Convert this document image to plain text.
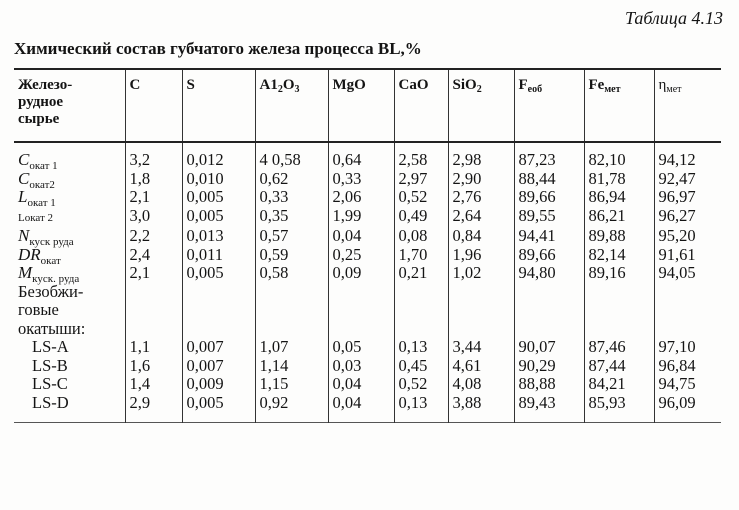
Таблица 4.13
Химический состав губчатого железа процесса BL,%
Железо-рудное сырье	C	S	$A1_2O_3$	MgO	CaO	SiO$_2$	$F_{еоб}$	$Fe_{мет}$	$\eta_{мет}$
$C_{окат 1}$	3,2	0,012	4 0,58	0,64	2,58	2,98	87,23	82,10	94,12
$C_{окат2}$	1,8	0,010	0,62	0,33	2,97	2,90	88,44	81,78	92,47
$L_{окат 1}$	2,1	0,005	0,33	2,06	0,52	2,76	89,66	86,94	96,97
Lокат 2	3,0	0,005	0,35	1,99	0,49	2,64	89,55	86,21	96,27
$N_{куск руда}$	2,2	0,013	0,57	0,04	0,08	0,84	94,41	89,88	95,20
$DR_{окат}$	2,4	0,011	0,59	0,25	1,70	1,96	89,66	82,14	91,61
$M_{куск. руда}$	2,1	0,005	0,58	0,09	0,21	1,02	94,80	89,16	94,05
Безобжи-									
говые									
окатыши:									
LS-A	1,1	0,007	1,07	0,05	0,13	3,44	90,07	87,46	97,10
LS-B	1,6	0,007	1,14	0,03	0,45	4,61	90,29	87,44	96,84
LS-C	1,4	0,009	1,15	0,04	0,52	4,08	88,88	84,21	94,75
LS-D	2,9	0,005	0,92	0,04	0,13	3,88	89,43	85,93	96,09
